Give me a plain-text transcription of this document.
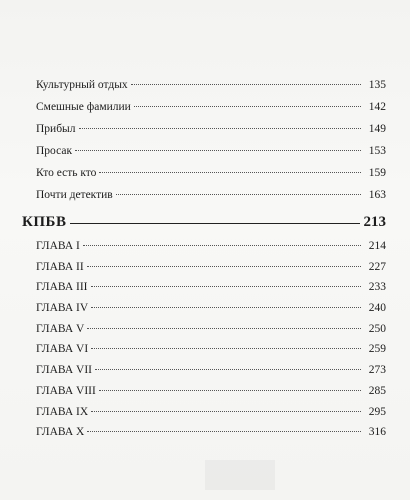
Культурный отдых	135
Смешные фамилии	142
Прибыл	149
Просак	153
Кто есть кто	159
Почти детектив	163
КПБВ	213
ГЛАВА I	214
ГЛАВА II	227
ГЛАВА III	233
ГЛАВА IV	240
ГЛАВА V	250
ГЛАВА VI	259
ГЛАВА VII	273
ГЛАВА VIII	285
ГЛАВА IX	295
ГЛАВА X	316
